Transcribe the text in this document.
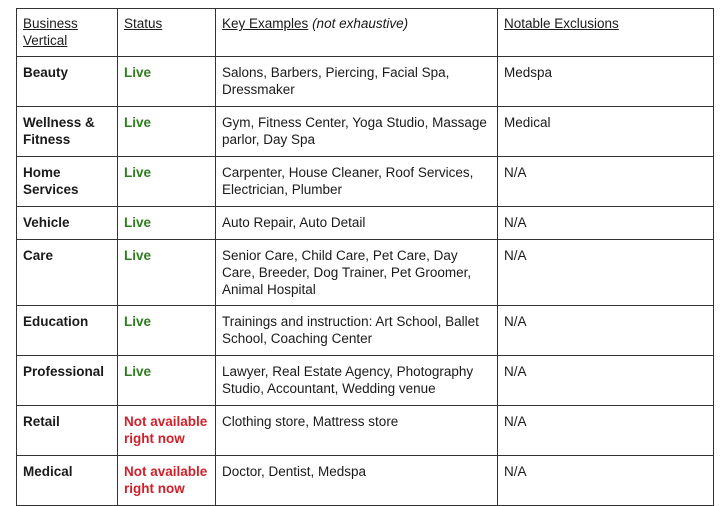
Business Vertical	Status	Key Examples (not exhaustive)	Notable Exclusions
Beauty	Live	Salons, Barbers, Piercing, Facial Spa, Dressmaker	Medspa
Wellness & Fitness	Live	Gym, Fitness Center, Yoga Studio, Massage parlor, Day Spa	Medical
Home Services	Live	Carpenter, House Cleaner, Roof Services, Electrician, Plumber	N/A
Vehicle	Live	Auto Repair, Auto Detail	N/A
Care	Live	Senior Care, Child Care, Pet Care, Day Care, Breeder, Dog Trainer, Pet Groomer, Animal Hospital	N/A
Education	Live	Trainings and instruction: Art School, Ballet School, Coaching Center	N/A
Professional	Live	Lawyer, Real Estate Agency, Photography Studio, Accountant, Wedding venue	N/A
Retail	Not available right now	Clothing store, Mattress store	N/A
Medical	Not available right now	Doctor, Dentist, Medspa	N/A
